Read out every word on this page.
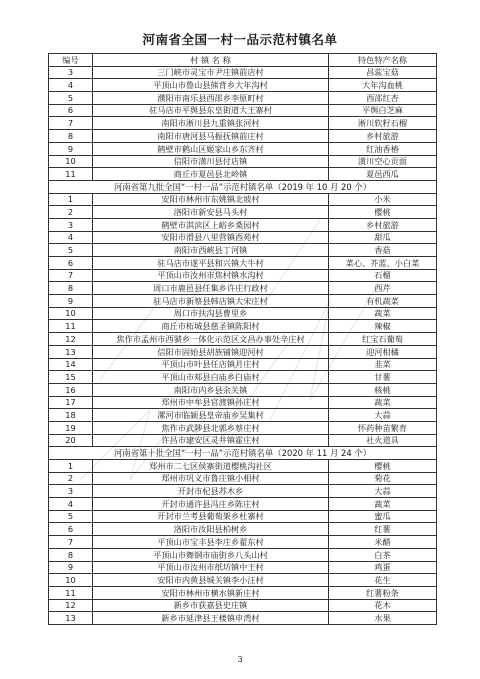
河南省全国一村一品示范村镇名单
编号	村 镇 名 称	特色特产名称
3	三门峡市灵宝市尹庄镇前店村	昌蕊宝菇
4	平顶山市鲁山县熊背乡大年沟村	大年沟血桃
5	濮阳市南乐县西邵乡李原町村	西邵红杏
6	驻马店市平舆县东皇街道大王寨村	平舆白芝麻
7	南阳市淅川县九重镇张河村	淅川软籽石榴
8	南阳市唐河县马振抚镇前庄村	乡村旅游
9	鹤壁市鹤山区姬家山乡东齐村	红油香椿
10	信阳市潢川县付店镇	潢川空心贡面
11	商丘市夏邑县北岭镇	夏邑西瓜
河南省第九批全国“一村一品”示范村镇名单（2019 年 10 月 20 个）		
1	安阳市林州市东姚镇北坡村	小米
2	洛阳市新安县马头村	樱桃
3	鹤壁市淇滨区上峪乡桑园村	乡村旅游
4	安阳市滑县八里营镇西苑村	甜瓜
5	南阳市西峡县丁河镇	香菇
6	驻马店市遂平县和兴镇大牛村	菜心、芥蓝、小白菜
7	平顶山市汝州市焦村镇水沟村	石榴
8	周口市鹿邑县任集乡许庄行政村	西芹
9	驻马店市新蔡县韩店镇大宋庄村	有机蔬菜
10	周口市扶沟县曹里乡	蔬菜
11	商丘市柘城县慈圣镇陈阳村	辣椒
12	焦作市孟州市西虢乡一体化示范区文昌办事处辛庄村	红宝石葡萄
13	信阳市固始县胡族铺镇迎河村	迎河柑橘
14	平顶山市叶县任店镇月庄村	韭菜
15	平顶山市郏县白庙乡白庙村	甘薯
16	南阳市内乡县余关镇	核桃
17	郑州市中牟县官渡镇孙庄村	蔬菜
18	漯河市临颍县皇帝庙乡吴集村	大蒜
19	焦作市武陟县北郭乡蔡庄村	怀药种苗繁育
20	许昌市建安区灵井镇霍庄村	社火道具
河南省第十批全国“一村一品”示范村镇名单（2020 年 11 月 24 个）		
1	郑州市二七区侯寨街道樱桃沟社区	樱桃
2	郑州市巩义市鲁庄镇小相村	菊花
3	开封市杞县苏木乡	大蒜
4	开封市通许县冯庄乡陈庄村	蔬菜
5	开封市兰考县葡萄架乡杜寨村	蜜瓜
6	洛阳市汝阳县柏树乡	红薯
7	平顶山市宝丰县李庄乡翟东村	米醋
8	平顶山市舞钢市庙街乡八头山村	白茶
9	平顶山市汝州市纸坊镇中王村	鸡蛋
10	安阳市内黄县城关镇李小汪村	花生
11	安阳市林州市横水镇新庄村	红薯粉条
12	新乡市获嘉县史庄镇	花木
13	新乡市延津县王楼镇申湾村	水果
3
